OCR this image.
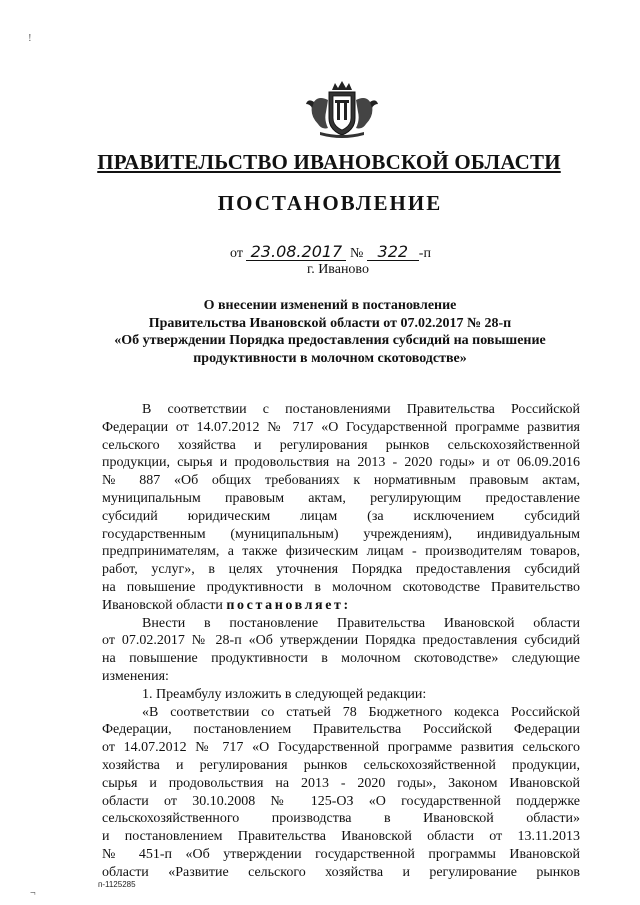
!
ПРАВИТЕЛЬСТВО ИВАНОВСКОЙ ОБЛАСТИ
ПОСТАНОВЛЕНИЕ
от 23.08.2017 № 322 -п
г. Иваново
О внесении изменений в постановление
Правительства Ивановской области от 07.02.2017 № 28-п
«Об утверждении Порядка предоставления субсидий на повышение
продуктивности в молочном скотоводстве»
В соответствии с постановлениями Правительства Российской
Федерации от 14.07.2012 № 717 «О Государственной программе развития
сельского хозяйства и регулирования рынков сельскохозяйственной
продукции, сырья и продовольствия на 2013 - 2020 годы» и от 06.09.2016
№ 887 «Об общих требованиях к нормативным правовым актам,
муниципальным правовым актам, регулирующим предоставление
субсидий юридическим лицам (за исключением субсидий
государственным (муниципальным) учреждениям), индивидуальным
предпринимателям, а также физическим лицам - производителям товаров,
работ, услуг», в целях уточнения Порядка предоставления субсидий
на повышение продуктивности в молочном скотоводстве Правительство
Ивановской области постановляет:
Внести в постановление Правительства Ивановской области
от 07.02.2017 № 28-п «Об утверждении Порядка предоставления субсидий
на повышение продуктивности в молочном скотоводстве» следующие
изменения:
1. Преамбулу изложить в следующей редакции:
«В соответствии со статьей 78 Бюджетного кодекса Российской
Федерации, постановлением Правительства Российской Федерации
от 14.07.2012 № 717 «О Государственной программе развития сельского
хозяйства и регулирования рынков сельскохозяйственной продукции,
сырья и продовольствия на 2013 - 2020 годы», Законом Ивановской
области от 30.10.2008 № 125-ОЗ «О государственной поддержке
сельскохозяйственного производства в Ивановской области»
и постановлением Правительства Ивановской области от 13.11.2013
№ 451-п «Об утверждении государственной программы Ивановской
области «Развитие сельского хозяйства и регулирование рынков
п-1125285
¬
